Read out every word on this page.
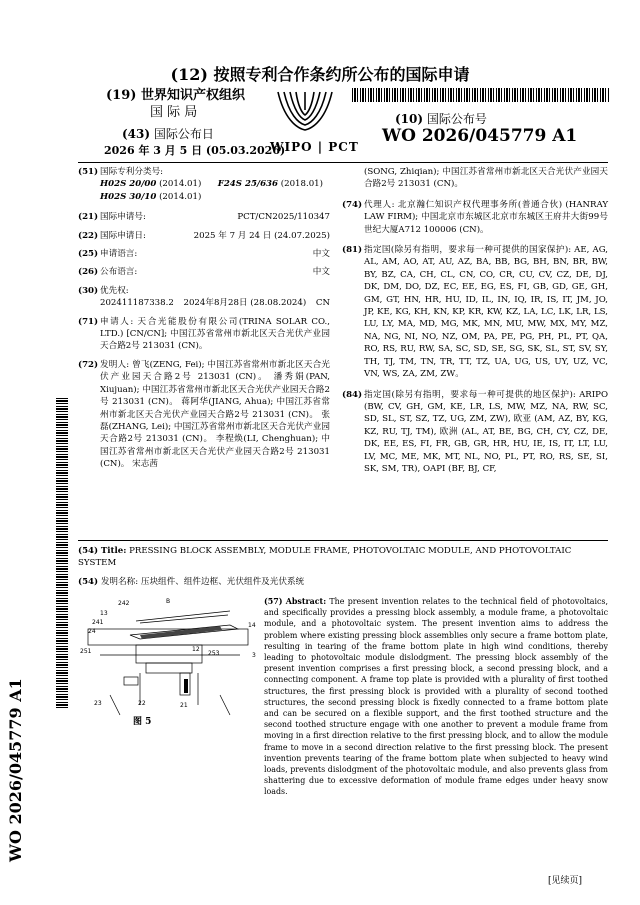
(12) 按照专利合作条约所公布的国际申请
(19) 世界知识产权组织
国 际 局
(43) 国际公布日
2026 年 3 月 5 日 (05.03.2026)
WIPO | PCT
(10) 国际公布号
WO 2026/045779 A1
(51) 国际专利分类号:
H02S 20/00 (2014.01) F24S 25/636 (2018.01)
H02S 30/10 (2014.01)
(21) 国际申请号:	PCT/CN2025/110347
(22) 国际申请日:	2025 年 7 月 24 日 (24.07.2025)
(25) 申请语言:	中文
(26) 公布语言:	中文
(30) 优先权:
202411187338.2 2024年8月28日 (28.08.2024) CN
(71) 申请人: 天合光能股份有限公司(TRINA SOLAR CO., LTD.) [CN/CN]; 中国江苏省常州市新北区天合光伏产业园天合路2号 213031 (CN)。
(72) 发明人: 曾飞(ZENG, Fei); 中国江苏省常州市新北区天合光伏产业园天合路2号 213031 (CN)。 潘秀娟(PAN, Xiujuan); 中国江苏省常州市新北区天合光伏产业园天合路2号 213031 (CN)。 蒋阿华(JIANG, Ahua); 中国江苏省常州市新北区天合光伏产业园天合路2号 213031 (CN)。 张磊(ZHANG, Lei); 中国江苏省常州市新北区天合光伏产业园天合路2号 213031 (CN)。 李程焕(LI, Chenghuan); 中国江苏省常州市新北区天合光伏产业园天合路2号 213031 (CN)。 宋志茜
(SONG, Zhiqian); 中国江苏省常州市新北区天合光伏产业园天合路2号 213031 (CN)。
(74) 代理人: 北京瀚仁知识产权代理事务所(普通合伙) (HANRAY LAW FIRM); 中国北京市东城区北京市东城区王府井大街99号世纪大厦A712 100006 (CN)。
(81) 指定国(除另有指明，要求每一种可提供的国家保护): AE, AG, AL, AM, AO, AT, AU, AZ, BA, BB, BG, BH, BN, BR, BW, BY, BZ, CA, CH, CL, CN, CO, CR, CU, CV, CZ, DE, DJ, DK, DM, DO, DZ, EC, EE, EG, ES, FI, GB, GD, GE, GH, GM, GT, HN, HR, HU, ID, IL, IN, IQ, IR, IS, IT, JM, JO, JP, KE, KG, KH, KN, KP, KR, KW, KZ, LA, LC, LK, LR, LS, LU, LY, MA, MD, MG, MK, MN, MU, MW, MX, MY, MZ, NA, NG, NI, NO, NZ, OM, PA, PE, PG, PH, PL, PT, QA, RO, RS, RU, RW, SA, SC, SD, SE, SG, SK, SL, ST, SV, SY, TH, TJ, TM, TN, TR, TT, TZ, UA, UG, US, UY, UZ, VC, VN, WS, ZA, ZM, ZW。
(84) 指定国(除另有指明，要求每一种可提供的地区保护): ARIPO (BW, CV, GH, GM, KE, LR, LS, MW, MZ, NA, RW, SC, SD, SL, ST, SZ, TZ, UG, ZM, ZW), 欧亚 (AM, AZ, BY, KG, KZ, RU, TJ, TM), 欧洲 (AL, AT, BE, BG, CH, CY, CZ, DE, DK, EE, ES, FI, FR, GB, GR, HR, HU, IE, IS, IT, LT, LU, LV, MC, ME, MK, MT, NL, NO, PL, PT, RO, RS, SE, SI, SK, SM, TR), OAPI (BF, BJ, CF,
(54) Title: PRESSING BLOCK ASSEMBLY, MODULE FRAME, PHOTOVOLTAIC MODULE, AND PHOTOVOLTAIC SYSTEM
(54) 发明名称: 压块组件、组件边框、光伏组件及光伏系统
242	B
14
13
241
24
251	12
253	3
23	22	21
图 5
(57) Abstract: The present invention relates to the technical field of photovoltaics, and specifically provides a pressing block assembly, a module frame, a photovoltaic module, and a photovoltaic system. The present invention aims to address the problem where existing pressing block assemblies only secure a frame bottom plate, resulting in tearing of the frame bottom plate in high wind conditions, thereby leading to photovoltaic module dislodgment. The pressing block assembly of the present invention comprises a first pressing block, a second pressing block, and a connecting component. A frame top plate is provided with a plurality of first toothed structures, the first pressing block is provided with a plurality of second toothed structures, the second pressing block is fixedly connected to a frame bottom plate and can be secured on a flexible support, and the first toothed structure and the second toothed structure engage with one another to prevent a module frame from moving in a first direction relative to the first pressing block, and to allow the module frame to move in a second direction relative to the first pressing block. The present invention prevents tearing of the frame bottom plate when subjected to heavy wind loads, prevents dislodgment of the photovoltaic module, and also prevents glass from shattering due to excessive deformation of module frame edges under heavy snow loads.
WO 2026/045779 A1
[见续页]
